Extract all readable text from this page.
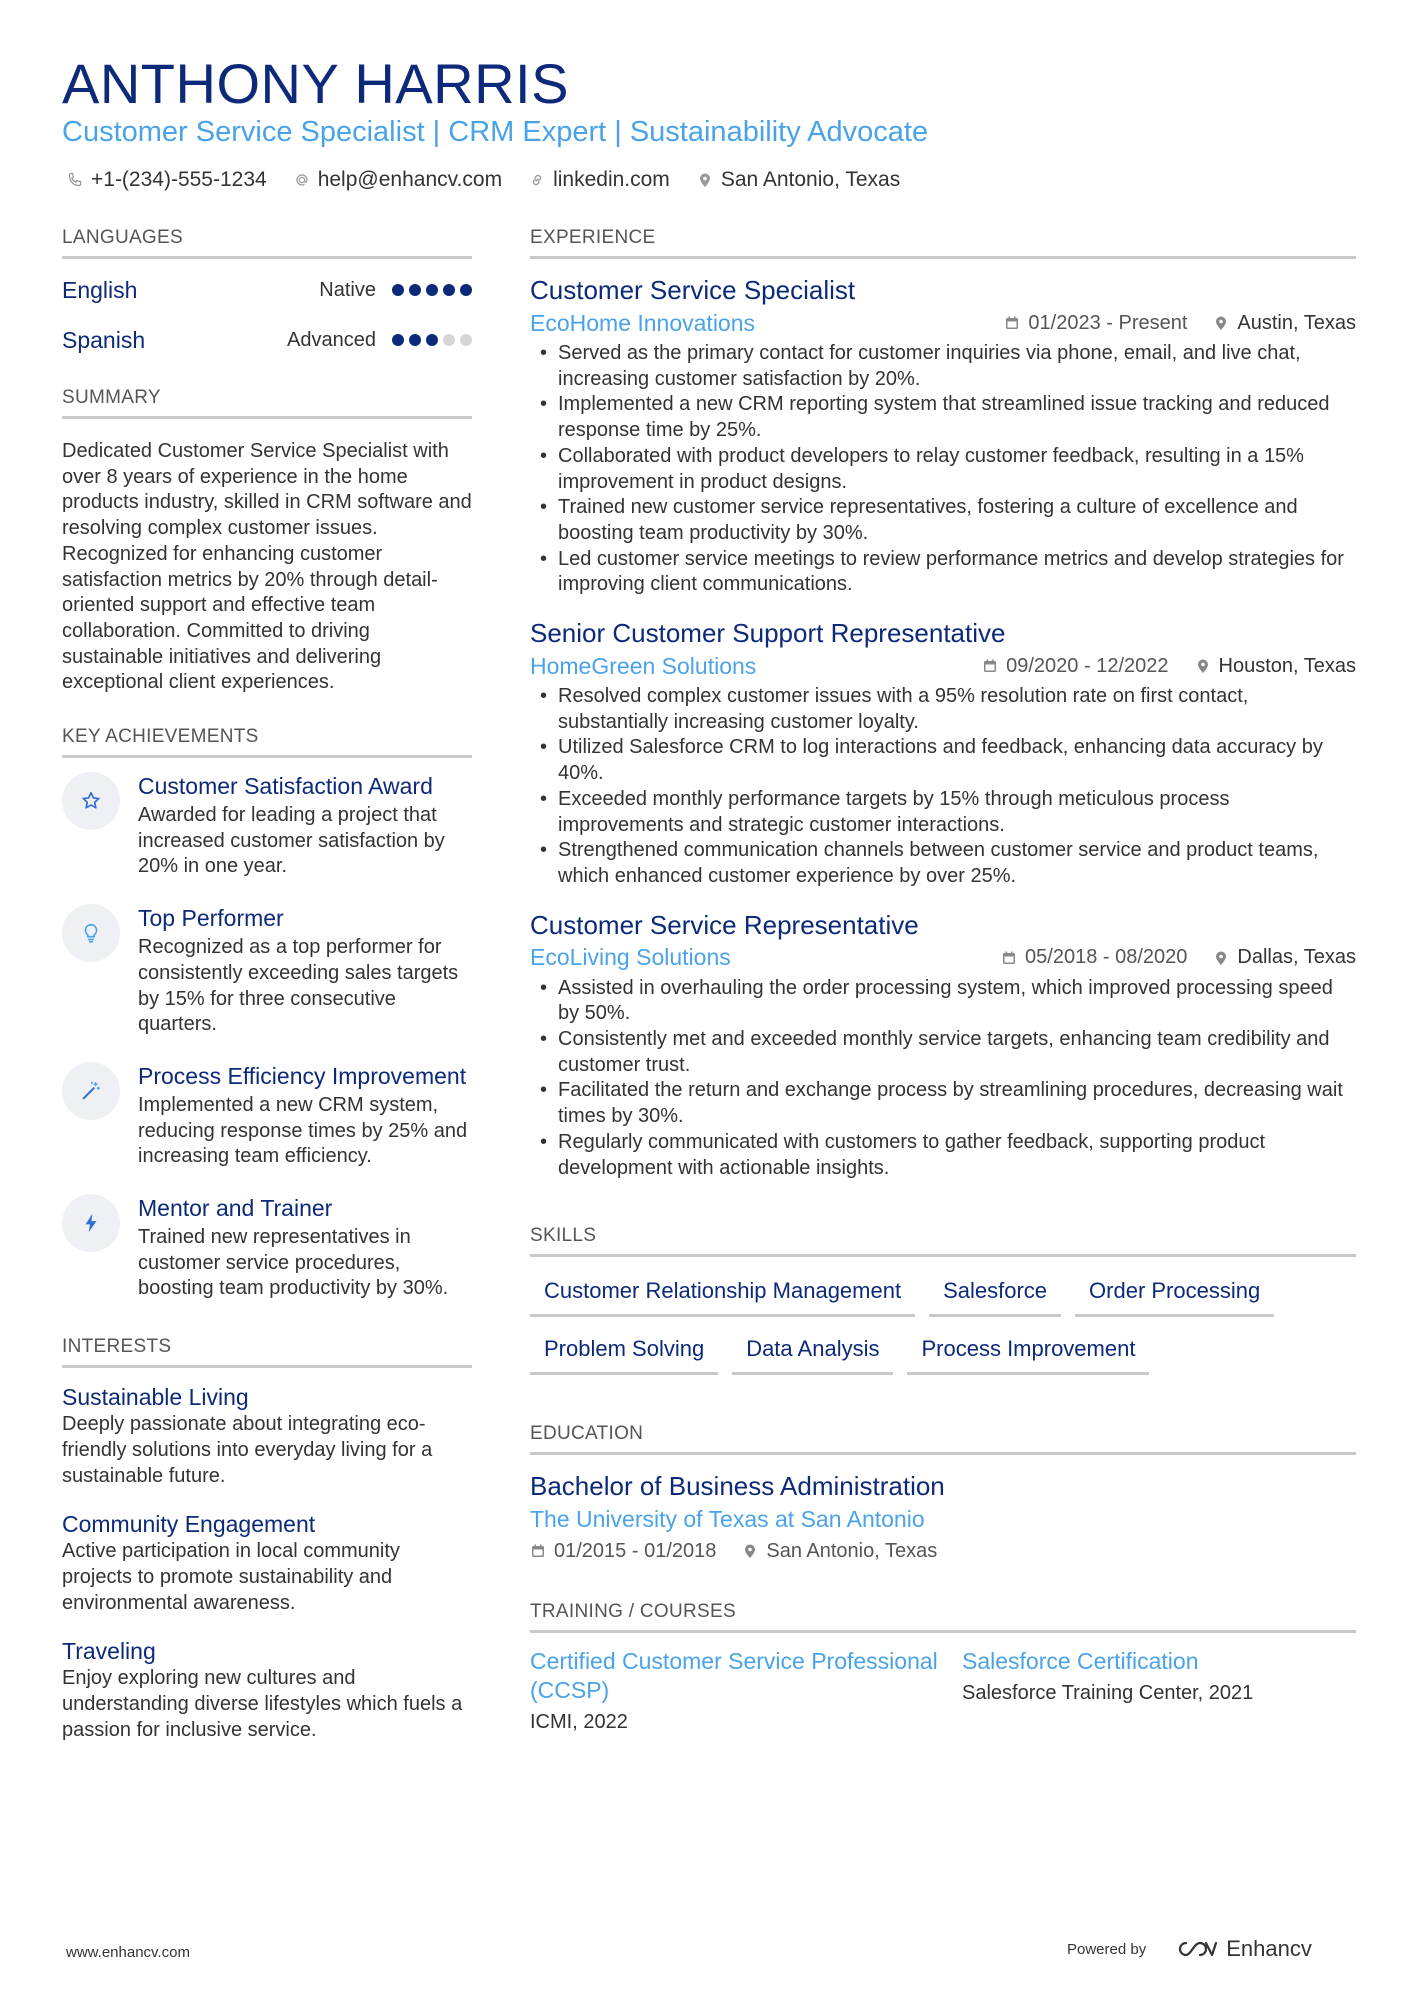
ANTHONY HARRIS
Customer Service Specialist | CRM Expert | Sustainability Advocate
+1-(234)-555-1234 help@enhancv.com linkedin.com San Antonio, Texas
LANGUAGES
English	Native
Spanish	Advanced
SUMMARY
Dedicated Customer Service Specialist with over 8 years of experience in the home products industry, skilled in CRM software and resolving complex customer issues. Recognized for enhancing customer satisfaction metrics by 20% through detail-oriented support and effective team collaboration. Committed to driving sustainable initiatives and delivering exceptional client experiences.
KEY ACHIEVEMENTS
Customer Satisfaction Award
Awarded for leading a project that increased customer satisfaction by 20% in one year.
Top Performer
Recognized as a top performer for consistently exceeding sales targets by 15% for three consecutive quarters.
Process Efficiency Improvement
Implemented a new CRM system, reducing response times by 25% and increasing team efficiency.
Mentor and Trainer
Trained new representatives in customer service procedures, boosting team productivity by 30%.
INTERESTS
Sustainable Living
Deeply passionate about integrating eco-friendly solutions into everyday living for a sustainable future.
Community Engagement
Active participation in local community projects to promote sustainability and environmental awareness.
Traveling
Enjoy exploring new cultures and understanding diverse lifestyles which fuels a passion for inclusive service.
EXPERIENCE
Customer Service Specialist
EcoHome Innovations	01/2023 - Present	Austin, Texas
• Served as the primary contact for customer inquiries via phone, email, and live chat, increasing customer satisfaction by 20%.
• Implemented a new CRM reporting system that streamlined issue tracking and reduced response time by 25%.
• Collaborated with product developers to relay customer feedback, resulting in a 15% improvement in product designs.
• Trained new customer service representatives, fostering a culture of excellence and boosting team productivity by 30%.
• Led customer service meetings to review performance metrics and develop strategies for improving client communications.
Senior Customer Support Representative
HomeGreen Solutions	09/2020 - 12/2022	Houston, Texas
• Resolved complex customer issues with a 95% resolution rate on first contact, substantially increasing customer loyalty.
• Utilized Salesforce CRM to log interactions and feedback, enhancing data accuracy by 40%.
• Exceeded monthly performance targets by 15% through meticulous process improvements and strategic customer interactions.
• Strengthened communication channels between customer service and product teams, which enhanced customer experience by over 25%.
Customer Service Representative
EcoLiving Solutions	05/2018 - 08/2020	Dallas, Texas
• Assisted in overhauling the order processing system, which improved processing speed by 50%.
• Consistently met and exceeded monthly service targets, enhancing team credibility and customer trust.
• Facilitated the return and exchange process by streamlining procedures, decreasing wait times by 30%.
• Regularly communicated with customers to gather feedback, supporting product development with actionable insights.
SKILLS
Customer Relationship Management	Salesforce	Order Processing
Problem Solving	Data Analysis	Process Improvement
EDUCATION
Bachelor of Business Administration
The University of Texas at San Antonio
01/2015 - 01/2018	San Antonio, Texas
TRAINING / COURSES
Certified Customer Service Professional (CCSP)
ICMI, 2022
Salesforce Certification
Salesforce Training Center, 2021
www.enhancv.com	Powered by	Enhancv
